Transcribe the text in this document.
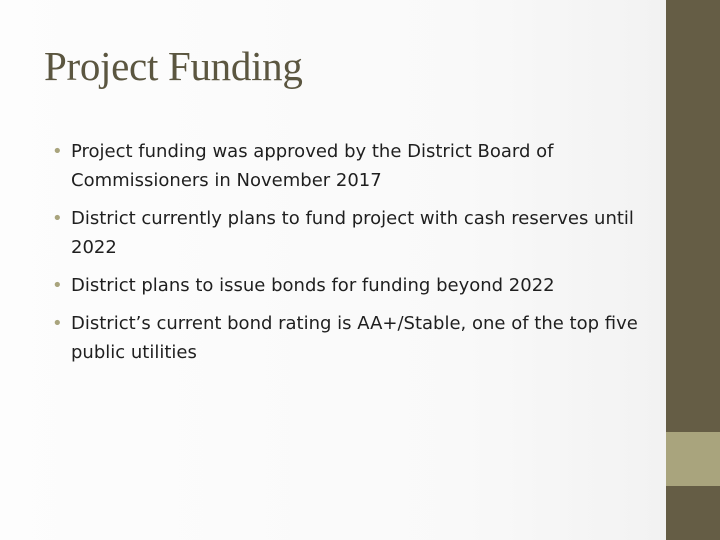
Project Funding
• Project funding was approved by the District Board of Commissioners in November 2017
• District currently plans to fund project with cash reserves until 2022
• District plans to issue bonds for funding beyond 2022
• District’s current bond rating is AA+/Stable, one of the top five public utilities
